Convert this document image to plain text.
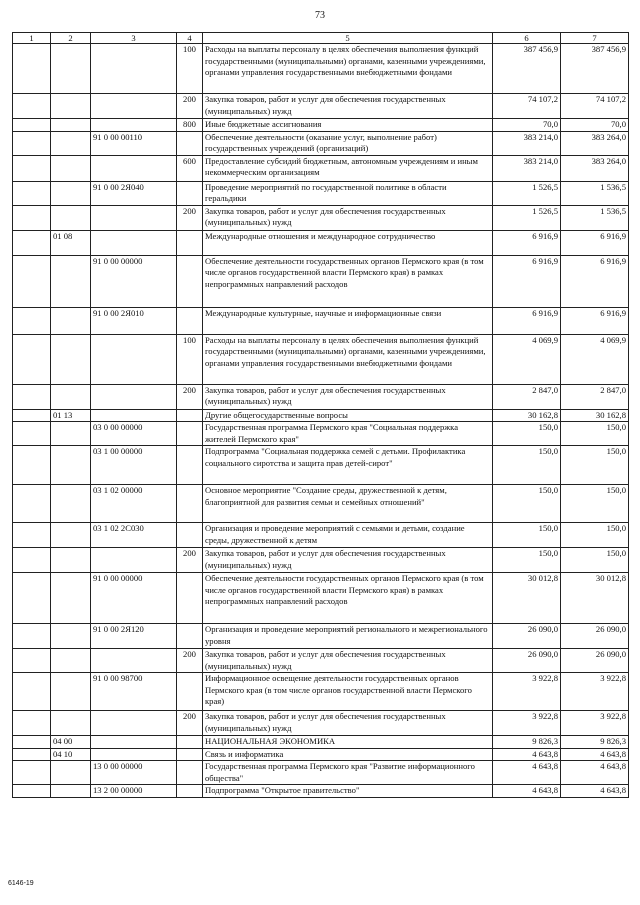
73
1	2	3	4	5	6	7
			100	Расходы на выплаты персоналу в целях обеспечения выполнения функций государственными (муниципальными) органами, казенными учреждениями, органами управления государственными внебюджетными фондами	387 456,9	387 456,9
			200	Закупка товаров, работ и услуг для обеспечения государственных (муниципальных) нужд	74 107,2	74 107,2
			800	Иные бюджетные ассигнования	70,0	70,0
		91 0 00 00110		Обеспечение деятельности (оказание услуг, выполнение работ) государственных учреждений (организаций)	383 214,0	383 264,0
			600	Предоставление субсидий бюджетным, автономным учреждениям и иным некоммерческим организациям	383 214,0	383 264,0
		91 0 00 2Я040		Проведение мероприятий по государственной политике в области геральдики	1 526,5	1 536,5
			200	Закупка товаров, работ и услуг для обеспечения государственных (муниципальных) нужд	1 526,5	1 536,5
	01 08			Международные отношения и международное сотрудничество	6 916,9	6 916,9
		91 0 00 00000		Обеспечение деятельности государственных органов Пермского края (в том числе органов государственной власти Пермского края) в рамках непрограммных направлений расходов	6 916,9	6 916,9
		91 0 00 2Я010		Международные культурные, научные и информационные связи	6 916,9	6 916,9
			100	Расходы на выплаты персоналу в целях обеспечения выполнения функций государственными (муниципальными) органами, казенными учреждениями, органами управления государственными внебюджетными фондами	4 069,9	4 069,9
			200	Закупка товаров, работ и услуг для обеспечения государственных (муниципальных) нужд	2 847,0	2 847,0
	01 13			Другие общегосударственные вопросы	30 162,8	30 162,8
		03 0 00 00000		Государственная программа Пермского края "Социальная поддержка жителей Пермского края"	150,0	150,0
		03 1 00 00000		Подпрограмма "Социальная поддержка семей с детьми. Профилактика социального сиротства и защита прав детей-сирот"	150,0	150,0
		03 1 02 00000		Основное мероприятие "Создание среды, дружественной к детям, благоприятной для развития семьи и семейных отношений"	150,0	150,0
		03 1 02 2С030		Организация и проведение мероприятий с семьями и детьми, создание среды, дружественной к детям	150,0	150,0
			200	Закупка товаров, работ и услуг для обеспечения государственных (муниципальных) нужд	150,0	150,0
		91 0 00 00000		Обеспечение деятельности государственных органов Пермского края (в том числе органов государственной власти Пермского края) в рамках непрограммных направлений расходов	30 012,8	30 012,8
		91 0 00 2Я120		Организация и проведение мероприятий регионального и межрегионального уровня	26 090,0	26 090,0
			200	Закупка товаров, работ и услуг для обеспечения государственных (муниципальных) нужд	26 090,0	26 090,0
		91 0 00 98700		Информационное освещение деятельности государственных органов Пермского края (в том числе органов государственной власти Пермского края)	3 922,8	3 922,8
			200	Закупка товаров, работ и услуг для обеспечения государственных (муниципальных) нужд	3 922,8	3 922,8
	04 00			НАЦИОНАЛЬНАЯ ЭКОНОМИКА	9 826,3	9 826,3
	04 10			Связь и информатика	4 643,8	4 643,8
		13 0 00 00000		Государственная программа Пермского края "Развитие информационного общества"	4 643,8	4 643,8
		13 2 00 00000		Подпрограмма "Открытое правительство"	4 643,8	4 643,8
6146-19
